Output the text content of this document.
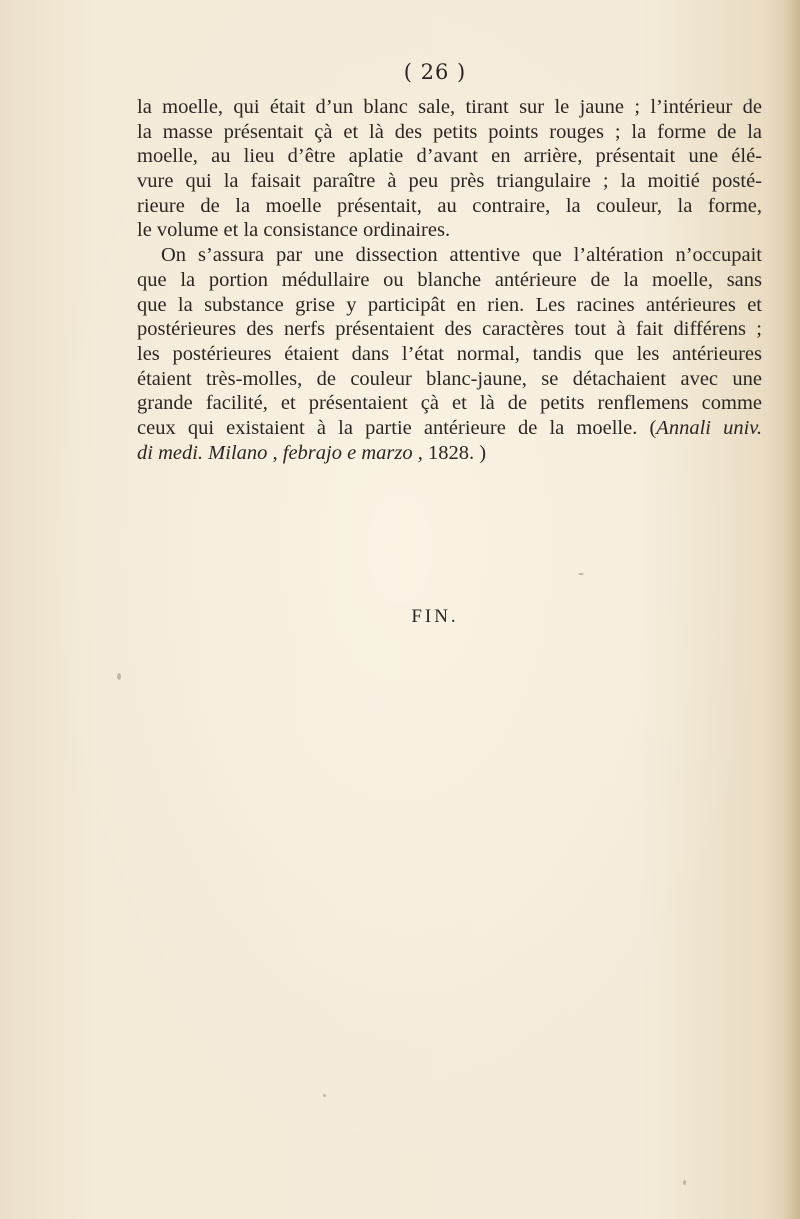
( 26 )
la moelle, qui était d’un blanc sale, tirant sur le jaune ; l’intérieur de
la masse présentait çà et là des petits points rouges ; la forme de la
moelle, au lieu d’être aplatie d’avant en arrière, présentait une élé-
vure qui la faisait paraître à peu près triangulaire ; la moitié posté-
rieure de la moelle présentait, au contraire, la couleur, la forme,
le volume et la consistance ordinaires.
On s’assura par une dissection attentive que l’altération n’occupait
que la portion médullaire ou blanche antérieure de la moelle, sans
que la substance grise y participât en rien. Les racines antérieures et
postérieures des nerfs présentaient des caractères tout à fait différens ;
les postérieures étaient dans l’état normal, tandis que les antérieures
étaient très-molles, de couleur blanc-jaune, se détachaient avec une
grande facilité, et présentaient çà et là de petits renflemens comme
ceux qui existaient à la partie antérieure de la moelle. (Annali univ.
di medi. Milano , febrajo e marzo , 1828. )
FIN.
